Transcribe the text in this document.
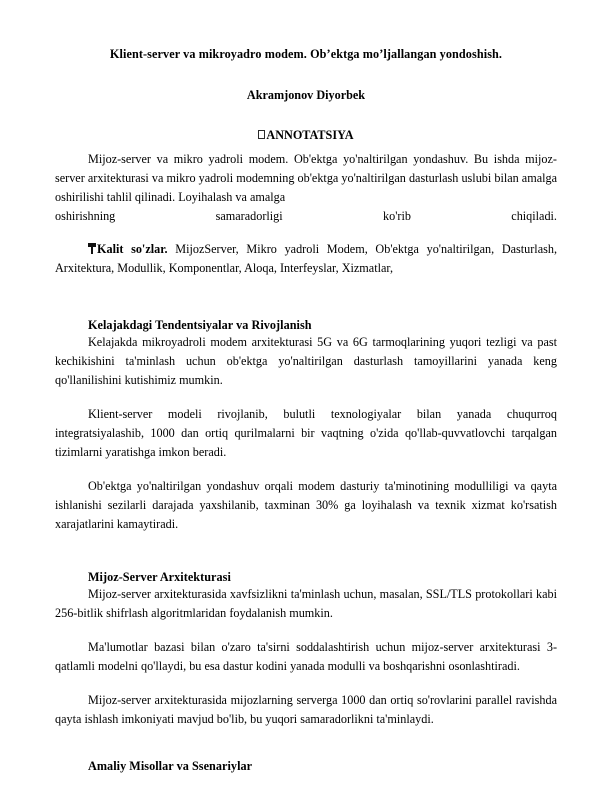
Klient-server va mikroyadro modem. Ob’ektga mo’ljallangan yondoshish.
Akramjonov Diyorbek
ANNOTATSIYA

Mijoz-server va mikro yadroli modem. Ob'ektga yo'naltirilgan yondashuv. Bu ishda mijoz-server arxitekturasi va mikro yadroli modemning ob'ektga yo'naltirilgan dasturlash uslubi bilan amalga oshirilishi tahlil qilinadi. Loyihalash va amalga

oshirishning	samaradorligi	ko'rib	chiqiladi.

Kalit so'zlar. MijozServer, Mikro yadroli Modem, Ob'ektga yo'naltirilgan, Dasturlash, Arxitektura, Modullik, Komponentlar, Aloqa, Interfeyslar, Xizmatlar,

Kelajakdagi Tendentsiyalar va Rivojlanish

Kelajakda mikroyadroli modem arxitekturasi 5G va 6G tarmoqlarining yuqori tezligi va past kechikishini ta'minlash uchun ob'ektga yo'naltirilgan dasturlash tamoyillarini yanada keng qo'llanilishini kutishimiz mumkin.

Klient-server modeli rivojlanib, bulutli texnologiyalar bilan yanada chuqurroq integratsiyalashib, 1000 dan ortiq qurilmalarni bir vaqtning o'zida qo'llab-quvvatlovchi tarqalgan tizimlarni yaratishga imkon beradi.

Ob'ektga yo'naltirilgan yondashuv orqali modem dasturiy ta'minotining modulliligi va qayta ishlanishi sezilarli darajada yaxshilanib, taxminan 30% ga loyihalash va texnik xizmat ko'rsatish xarajatlarini kamaytiradi.

Mijoz-Server Arxitekturasi

Mijoz-server arxitekturasida xavfsizlikni ta'minlash uchun, masalan, SSL/TLS protokollari kabi 256-bitlik shifrlash algoritmlaridan foydalanish mumkin.

Ma'lumotlar bazasi bilan o'zaro ta'sirni soddalashtirish uchun mijoz-server arxitekturasi 3-qatlamli modelni qo'llaydi, bu esa dastur kodini yanada modulli va boshqarishni osonlashtiradi.

Mijoz-server arxitekturasida mijozlarning serverga 1000 dan ortiq so'rovlarini parallel ravishda qayta ishlash imkoniyati mavjud bo'lib, bu yuqori samaradorlikni ta'minlaydi.

Amaliy Misollar va Ssenariylar
